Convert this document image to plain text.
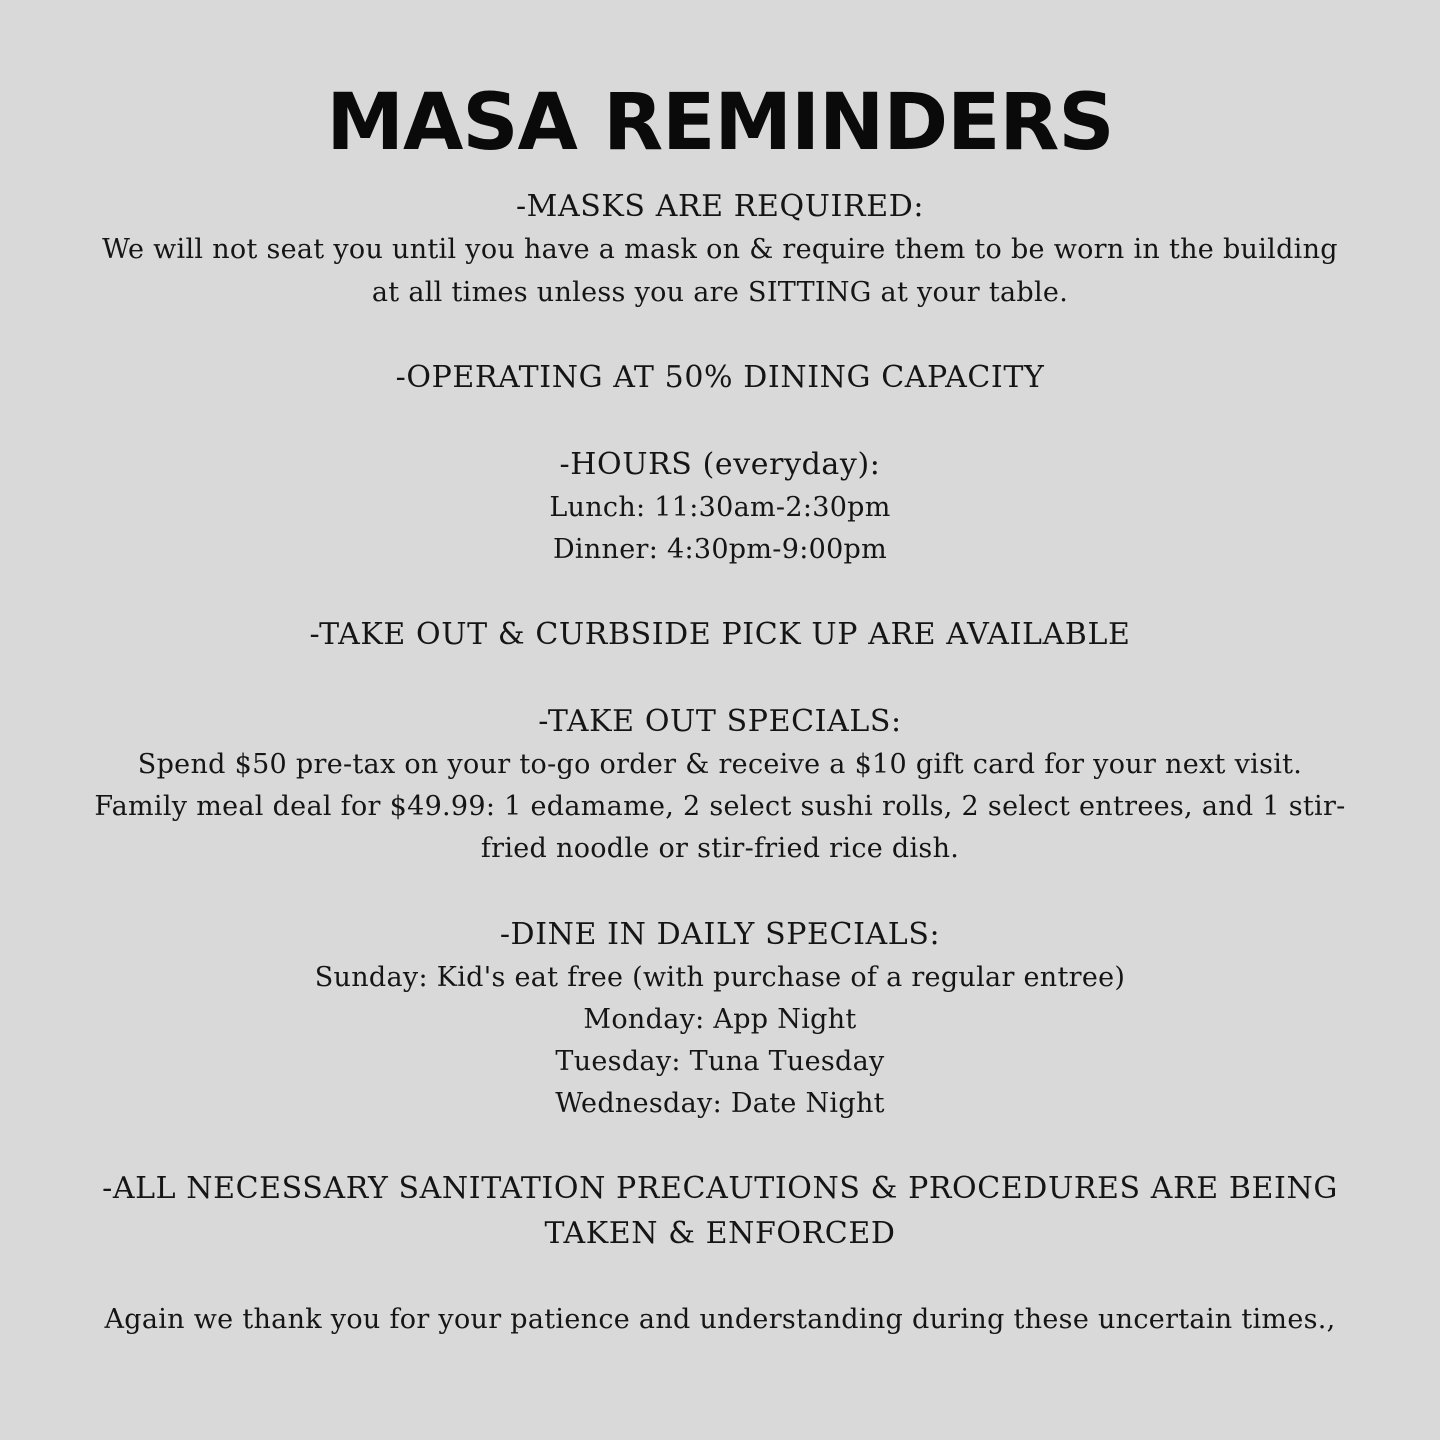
MASA REMINDERS
-MASKS ARE REQUIRED:
We will not seat you until you have a mask on & require them to be worn in the building
at all times unless you are SITTING at your table.
-OPERATING AT 50% DINING CAPACITY
-HOURS (everyday):
Lunch: 11:30am-2:30pm
Dinner: 4:30pm-9:00pm
-TAKE OUT & CURBSIDE PICK UP ARE AVAILABLE
-TAKE OUT SPECIALS:
Spend $50 pre-tax on your to-go order & receive a $10 gift card for your next visit.
Family meal deal for $49.99: 1 edamame, 2 select sushi rolls, 2 select entrees, and 1 stir-
fried noodle or stir-fried rice dish.
-DINE IN DAILY SPECIALS:
Sunday: Kid's eat free (with purchase of a regular entree)
Monday: App Night
Tuesday: Tuna Tuesday
Wednesday: Date Night
-ALL NECESSARY SANITATION PRECAUTIONS & PROCEDURES ARE BEING
TAKEN & ENFORCED
Again we thank you for your patience and understanding during these uncertain times.,
